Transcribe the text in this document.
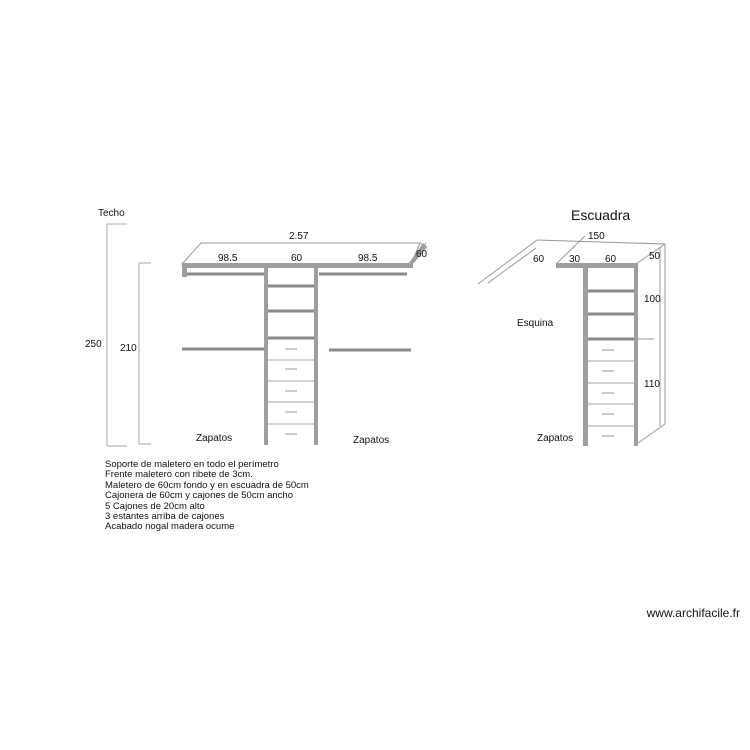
Techo
250 210
2.57
98.5	60	98.5	60
Zapatos	Zapatos
Escuadra
150
60 30 60	50
100
110
Esquina
Zapatos
Soporte de maletero en todo el perímetro
Frente maletero con ribete de 3cm.
Maletero de 60cm fondo y en escuadra de 50cm
Cajonera de 60cm y cajones de 50cm ancho
5 Cajones de 20cm alto
3 estantes arriba de cajones
Acabado nogal madera ocume
www.archifacile.fr
